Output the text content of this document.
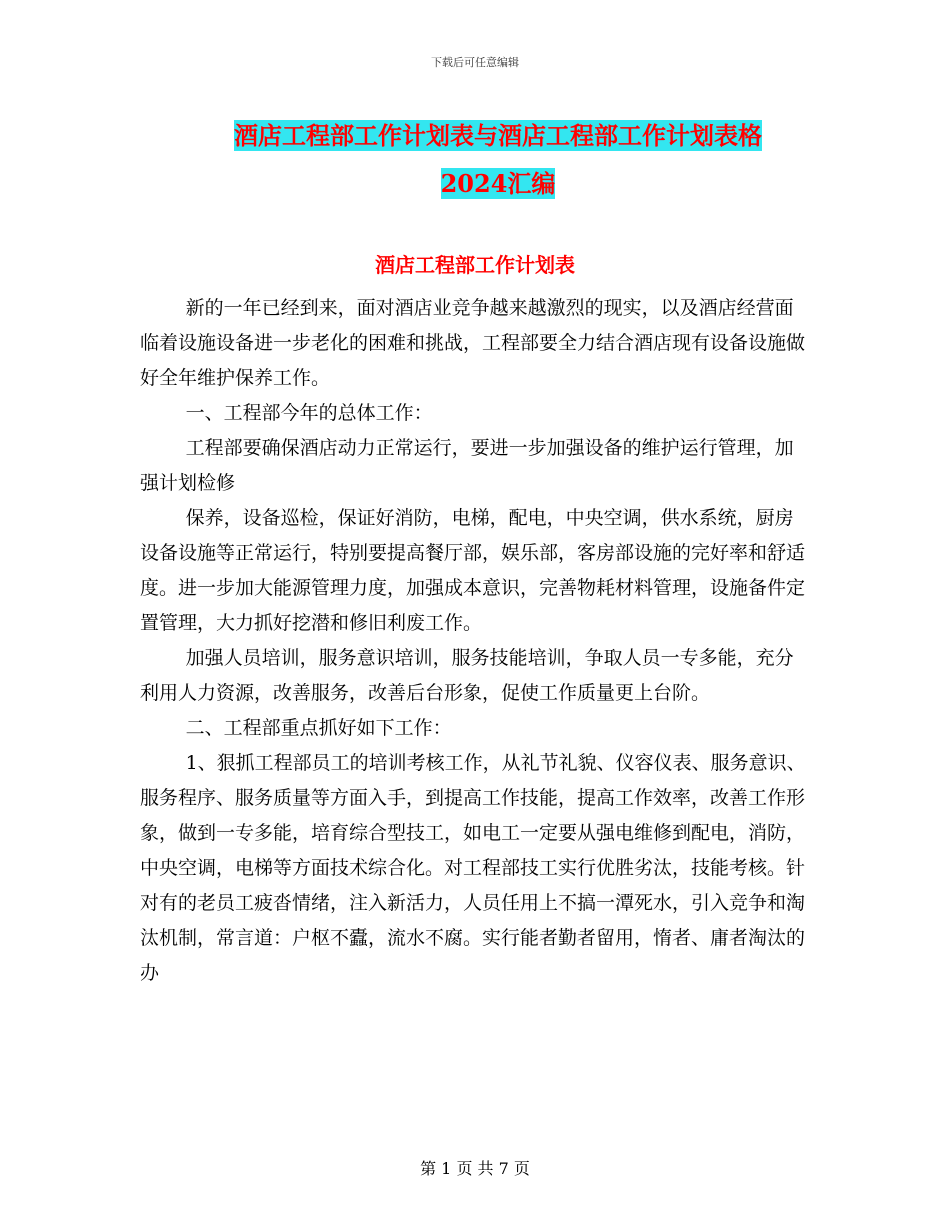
下载后可任意编辑
酒店工程部工作计划表与酒店工程部工作计划表格
2024汇编
酒店工程部工作计划表

新的一年已经到来，面对酒店业竞争越来越激烈的现实，以及酒店经营面临着设施设备进一步老化的困难和挑战，工程部要全力结合酒店现有设备设施做好全年维护保养工作。

一、工程部今年的总体工作：

工程部要确保酒店动力正常运行，要进一步加强设备的维护运行管理，加强计划检修

保养，设备巡检，保证好消防，电梯，配电，中央空调，供水系统，厨房设备设施等正常运行，特别要提高餐厅部，娱乐部，客房部设施的完好率和舒适度。进一步加大能源管理力度，加强成本意识，完善物耗材料管理，设施备件定置管理，大力抓好挖潜和修旧利废工作。

加强人员培训，服务意识培训，服务技能培训，争取人员一专多能，充分利用人力资源，改善服务，改善后台形象，促使工作质量更上台阶。

二、工程部重点抓好如下工作：

1、狠抓工程部员工的培训考核工作，从礼节礼貌、仪容仪表、服务意识、服务程序、服务质量等方面入手，到提高工作技能，提高工作效率，改善工作形象，做到一专多能，培育综合型技工，如电工一定要从强电维修到配电，消防，中央空调，电梯等方面技术综合化。对工程部技工实行优胜劣汰，技能考核。针对有的老员工疲沓情绪，注入新活力，人员任用上不搞一潭死水，引入竞争和淘汰机制，常言道：户枢不蠹，流水不腐。实行能者勤者留用，惰者、庸者淘汰的办

第 1 页 共 7 页
